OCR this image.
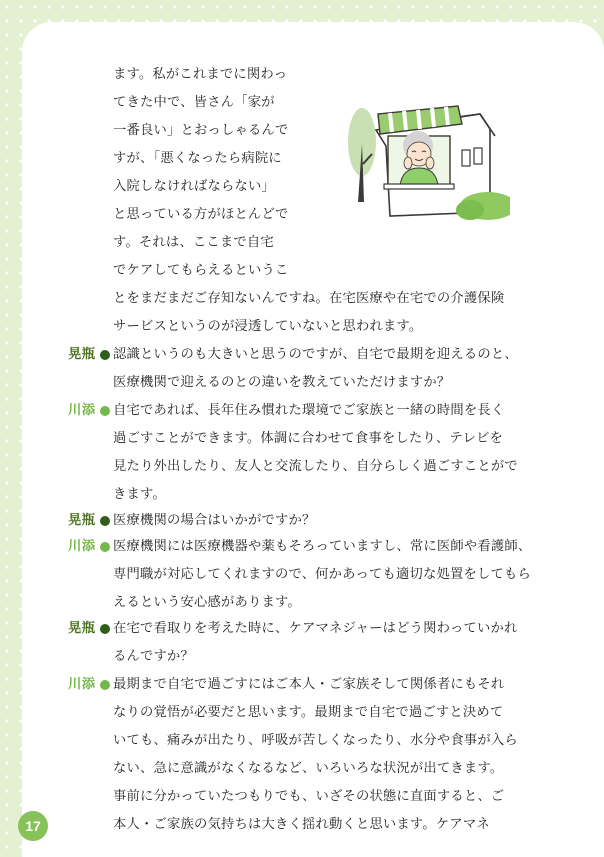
ます。私がこれまでに関わっ
てきた中で、皆さん「家が
一番良い」とおっしゃるんで
すが、「悪くなったら病院に
入院しなければならない」
と思っている方がほとんどで
す。それは、ここまで自宅
でケアしてもらえるというこ
とをまだまだご存知ないんですね。在宅医療や在宅での介護保険
サービスというのが浸透していないと思われます。
晃瓶 認識というのも大きいと思うのですが、自宅で最期を迎えるのと、
医療機関で迎えるのとの違いを教えていただけますか？
川添 自宅であれば、長年住み慣れた環境でご家族と一緒の時間を長く
過ごすことができます。体調に合わせて食事をしたり、テレビを
見たり外出したり、友人と交流したり、自分らしく過ごすことがで
きます。
晃瓶 医療機関の場合はいかがですか？
川添 医療機関には医療機器や薬もそろっていますし、常に医師や看護師、
専門職が対応してくれますので、何かあっても適切な処置をしてもら
えるという安心感があります。
晃瓶 在宅で看取りを考えた時に、ケアマネジャーはどう関わっていかれ
るんですか？
川添 最期まで自宅で過ごすにはご本人・ご家族そして関係者にもそれ
なりの覚悟が必要だと思います。最期まで自宅で過ごすと決めて
いても、痛みが出たり、呼吸が苦しくなったり、水分や食事が入ら
ない、急に意識がなくなるなど、いろいろな状況が出てきます。
事前に分かっていたつもりでも、いざその状態に直面すると、ご
本人・ご家族の気持ちは大きく揺れ動くと思います。ケアマネ
17
